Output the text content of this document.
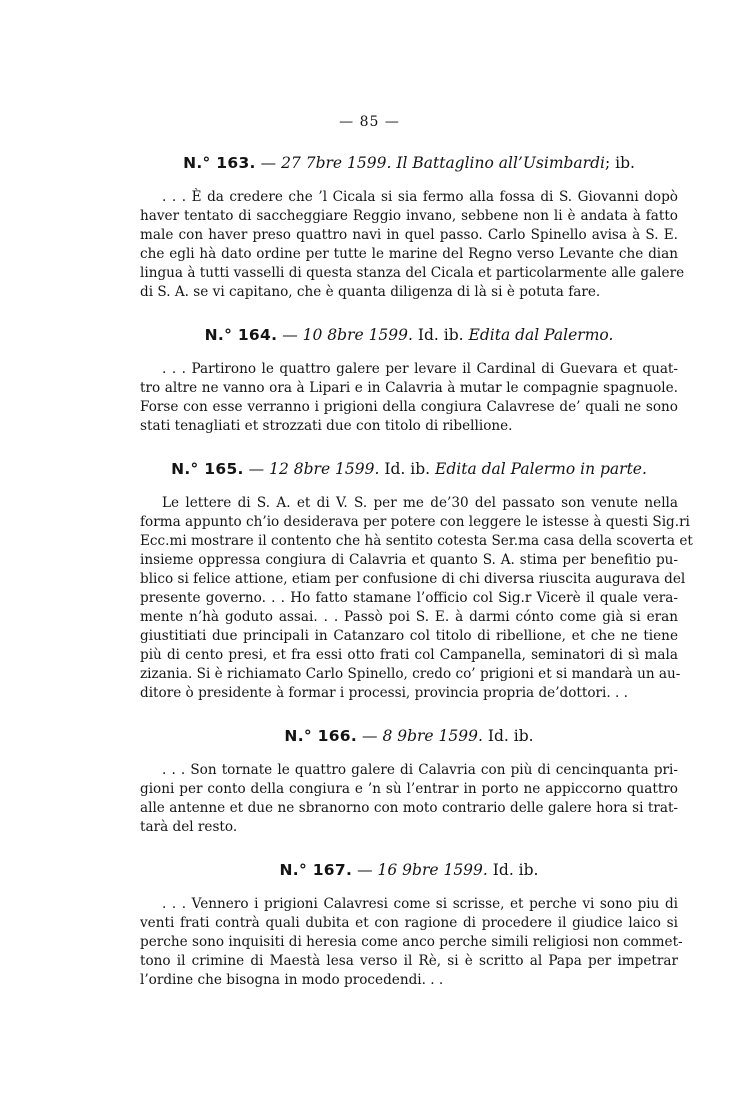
— 85 —
N.° 163. — 27 7bre 1599. Il Battaglino all’Usimbardi; ib.
. . . È da credere che ’l Cicala si sia fermo alla fossa di S. Giovanni dopò
haver tentato di saccheggiare Reggio invano, sebbene non li è andata à fatto
male con haver preso quattro navi in quel passo. Carlo Spinello avisa à S. E.
che egli hà dato ordine per tutte le marine del Regno verso Levante che dian
lingua à tutti vasselli di questa stanza del Cicala et particolarmente alle galere
di S. A. se vi capitano, che è quanta diligenza di là si è potuta fare.
N.° 164. — 10 8bre 1599. Id. ib. Edita dal Palermo.
. . . Partirono le quattro galere per levare il Cardinal di Guevara et quat-
tro altre ne vanno ora à Lipari e in Calavria à mutar le compagnie spagnuole.
Forse con esse verranno i prigioni della congiura Calavrese de’ quali ne sono
stati tenagliati et strozzati due con titolo di ribellione.
N.° 165. — 12 8bre 1599. Id. ib. Edita dal Palermo in parte.
Le lettere di S. A. et di V. S. per me de’30 del passato son venute nella
forma appunto ch’io desiderava per potere con leggere le istesse à questi Sig.ri
Ecc.mi mostrare il contento che hà sentito cotesta Ser.ma casa della scoverta et
insieme oppressa congiura di Calavria et quanto S. A. stima per benefitio pu-
blico si felice attione, etiam per confusione di chi diversa riuscita augurava del
presente governo. . . Ho fatto stamane l’officio col Sig.r Vicerè il quale vera-
mente n’hà goduto assai. . . Passò poi S. E. à darmi cónto come già si eran
giustitiati due principali in Catanzaro col titolo di ribellione, et che ne tiene
più di cento presi, et fra essi otto frati col Campanella, seminatori di sì mala
zizania. Si è richiamato Carlo Spinello, credo co’ prigioni et si mandarà un au-
ditore ò presidente à formar i processi, provincia propria de’dottori. . .
N.° 166. — 8 9bre 1599. Id. ib.
. . . Son tornate le quattro galere di Calavria con più di cencinquanta pri-
gioni per conto della congiura e ’n sù l’entrar in porto ne appiccorno quattro
alle antenne et due ne sbranorno con moto contrario delle galere hora si trat-
tarà del resto.
N.° 167. — 16 9bre 1599. Id. ib.
. . . Vennero i prigioni Calavresi come si scrisse, et perche vi sono piu di
venti frati contrà quali dubita et con ragione di procedere il giudice laico si
perche sono inquisiti di heresia come anco perche simili religiosi non commet-
tono il crimine di Maestà lesa verso il Rè, si è scritto al Papa per impetrar
l’ordine che bisogna in modo procedendi. . .
